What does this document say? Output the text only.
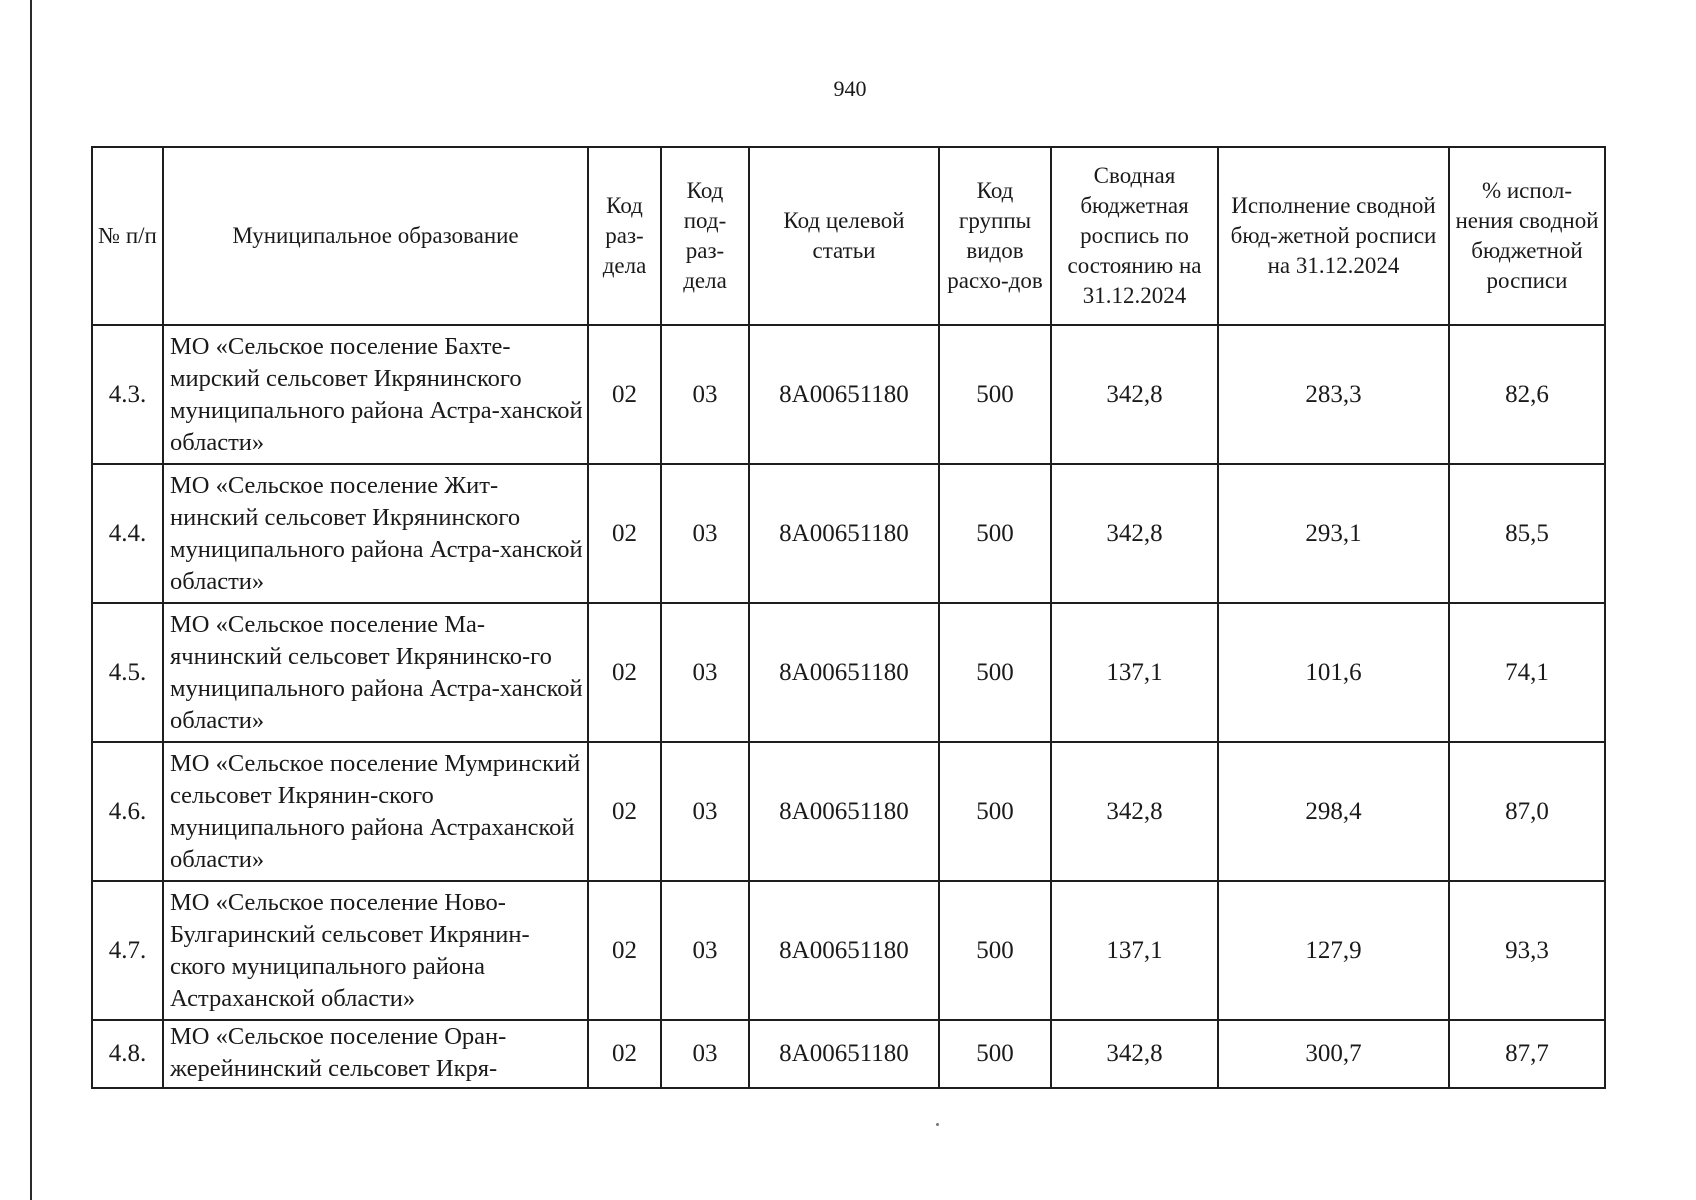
940
№ п/п	Муниципальное образование	Код раз-дела	Код под-раз-дела	Код целевой статьи	Код группы видов расхо-дов	Сводная бюджетная роспись по состоянию на 31.12.2024	Исполнение сводной бюд-жетной росписи на 31.12.2024	% испол-нения сводной бюджетной росписи
4.3.	МО «Сельское поселение Бахте-мирский сельсовет Икрянинского муниципального района Астра-ханской области»	02	03	8А00651180	500	342,8	283,3	82,6
4.4.	МО «Сельское поселение Жит-нинский сельсовет Икрянинского муниципального района Астра-ханской области»	02	03	8А00651180	500	342,8	293,1	85,5
4.5.	МО «Сельское поселение Ма-ячнинский сельсовет Икрянинско-го муниципального района Астра-ханской области»	02	03	8А00651180	500	137,1	101,6	74,1
4.6.	МО «Сельское поселение Мумринский сельсовет Икрянин-ского муниципального района Астраханской области»	02	03	8А00651180	500	342,8	298,4	87,0
4.7.	МО «Сельское поселение Ново-Булгаринский сельсовет Икрянин-ского муниципального района Астраханской области»	02	03	8А00651180	500	137,1	127,9	93,3
4.8.	МО «Сельское поселение Оран-жерейнинский сельсовет Икря-	02	03	8А00651180	500	342,8	300,7	87,7
